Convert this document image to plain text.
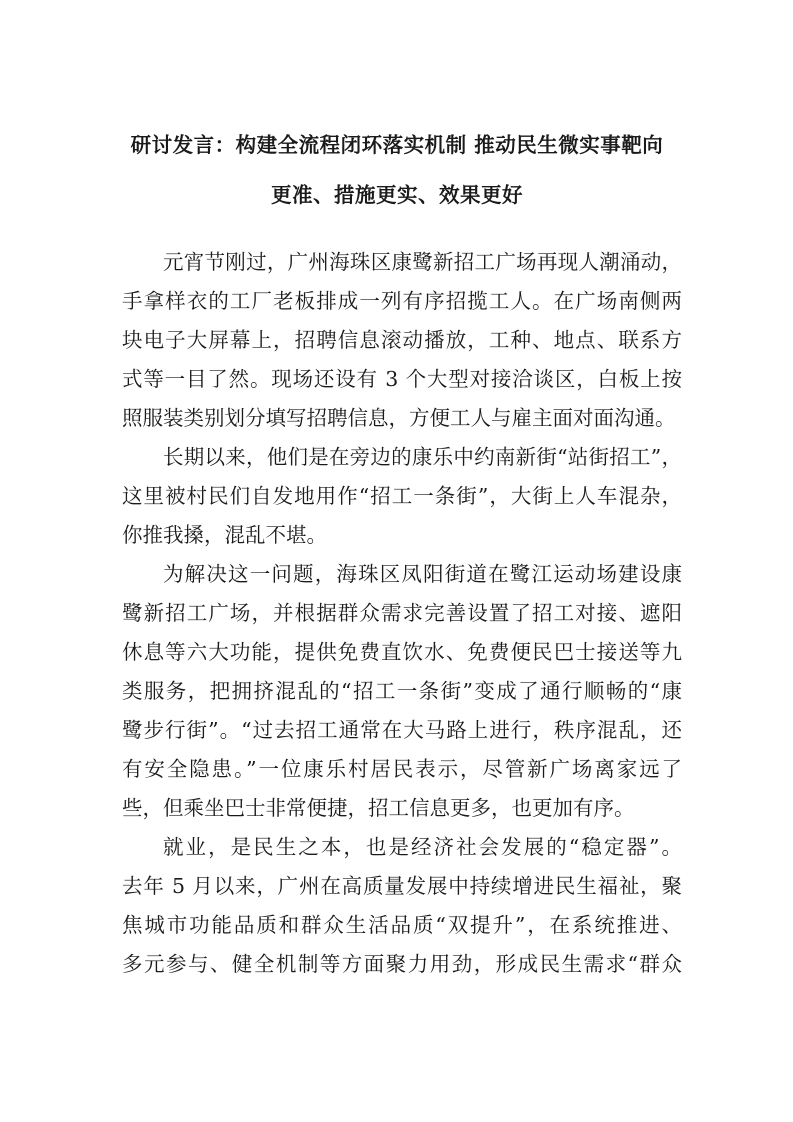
研讨发言：构建全流程闭环落实机制 推动民生微实事靶向
更准、措施更实、效果更好
元宵节刚过，广州海珠区康鹭新招工广场再现人潮涌动，
手拿样衣的工厂老板排成一列有序招揽工人。在广场南侧两
块电子大屏幕上，招聘信息滚动播放，工种、地点、联系方
式等一目了然。现场还设有 3 个大型对接洽谈区，白板上按
照服装类别划分填写招聘信息，方便工人与雇主面对面沟通。
长期以来，他们是在旁边的康乐中约南新街“站街招工”，
这里被村民们自发地用作“招工一条街”，大街上人车混杂，
你推我搡，混乱不堪。
为解决这一问题，海珠区凤阳街道在鹭江运动场建设康
鹭新招工广场，并根据群众需求完善设置了招工对接、遮阳
休息等六大功能，提供免费直饮水、免费便民巴士接送等九
类服务，把拥挤混乱的“招工一条街”变成了通行顺畅的“康
鹭步行街”。“过去招工通常在大马路上进行，秩序混乱，还
有安全隐患。”一位康乐村居民表示，尽管新广场离家远了
些，但乘坐巴士非常便捷，招工信息更多，也更加有序。
就业，是民生之本，也是经济社会发展的“稳定器”。
去年 5 月以来，广州在高质量发展中持续增进民生福祉，聚
焦城市功能品质和群众生活品质“双提升”，在系统推进、
多元参与、健全机制等方面聚力用劲，形成民生需求“群众
